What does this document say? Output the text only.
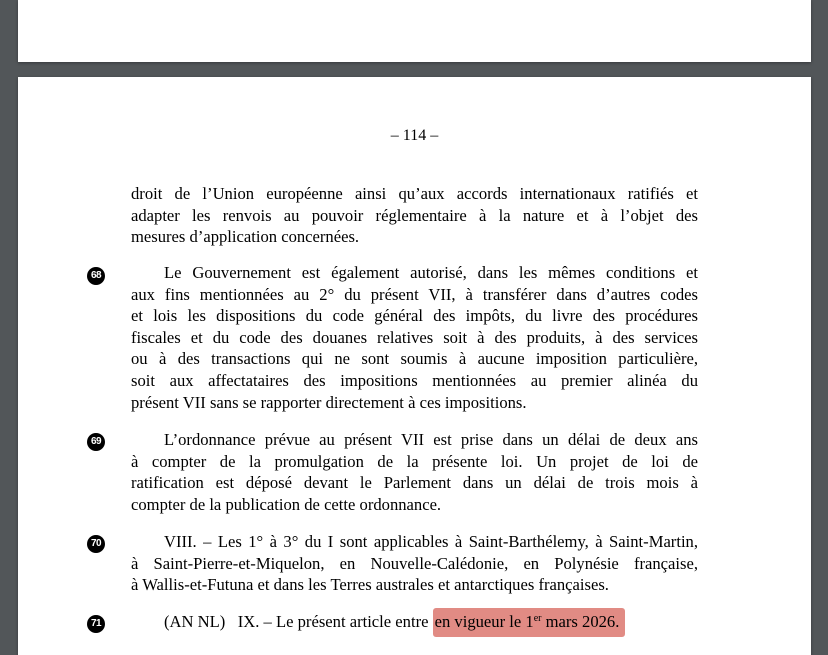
– 114 –
droit de l’Union européenne ainsi qu’aux accords internationaux ratifiés et
adapter les renvois au pouvoir réglementaire à la nature et à l’objet des
mesures d’application concernées.
68	Le Gouvernement est également autorisé, dans les mêmes conditions et
aux fins mentionnées au 2° du présent VII, à transférer dans d’autres codes
et lois les dispositions du code général des impôts, du livre des procédures
fiscales et du code des douanes relatives soit à des produits, à des services
ou à des transactions qui ne sont soumis à aucune imposition particulière,
soit aux affectataires des impositions mentionnées au premier alinéa du
présent VII sans se rapporter directement à ces impositions.
69	L’ordonnance prévue au présent VII est prise dans un délai de deux ans
à compter de la promulgation de la présente loi. Un projet de loi de
ratification est déposé devant le Parlement dans un délai de trois mois à
compter de la publication de cette ordonnance.
70	VIII. – Les 1° à 3° du I sont applicables à Saint-Barthélemy, à Saint-Martin,
à Saint-Pierre-et-Miquelon, en Nouvelle-Calédonie, en Polynésie française,
à Wallis-et-Futuna et dans les Terres australes et antarctiques françaises.
71	(AN NL)   IX. – Le présent article entre en vigueur le 1er mars 2026.
